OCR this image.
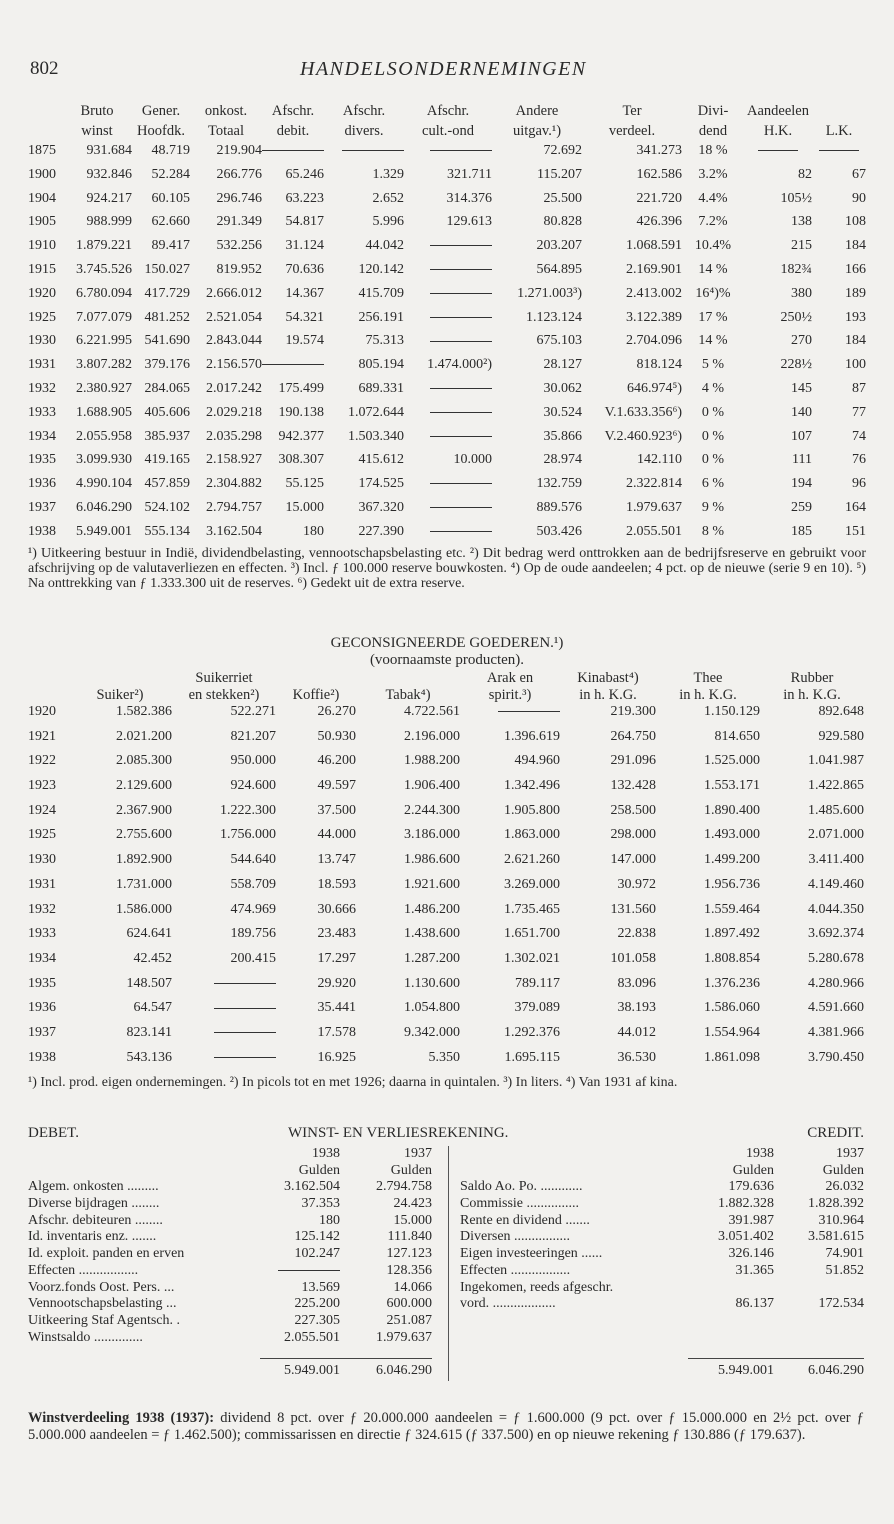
802	HANDELSONDERNEMINGEN
	Bruto	Gener.	onkost.	Afschr.	Afschr.	Afschr.	Andere	Ter	Divi-	Aandeelen	
	winst	Hoofdk.	Totaal	debit.	divers.	cult.-ond	uitgav.¹)	verdeel.	dend	H.K.	L.K.
1875	931.684	48.719	219.904				72.692	341.273	18 %		
1900	932.846	52.284	266.776	65.246	1.329	321.711	115.207	162.586	3.2%	82	67
1904	924.217	60.105	296.746	63.223	2.652	314.376	25.500	221.720	4.4%	105½	90
1905	988.999	62.660	291.349	54.817	5.996	129.613	80.828	426.396	7.2%	138	108
1910	1.879.221	89.417	532.256	31.124	44.042		203.207	1.068.591	10.4%	215	184
1915	3.745.526	150.027	819.952	70.636	120.142		564.895	2.169.901	14 %	182¾	166
1920	6.780.094	417.729	2.666.012	14.367	415.709		1.271.003³)	2.413.002	16⁴)%	380	189
1925	7.077.079	481.252	2.521.054	54.321	256.191		1.123.124	3.122.389	17 %	250½	193
1930	6.221.995	541.690	2.843.044	19.574	75.313		675.103	2.704.096	14 %	270	184
1931	3.807.282	379.176	2.156.570		805.194	1.474.000²)	28.127	818.124	5 %	228½	100
1932	2.380.927	284.065	2.017.242	175.499	689.331		30.062	646.974⁵)	4 %	145	87
1933	1.688.905	405.606	2.029.218	190.138	1.072.644		30.524	V.1.633.356⁶)	0 %	140	77
1934	2.055.958	385.937	2.035.298	942.377	1.503.340		35.866	V.2.460.923⁶)	0 %	107	74
1935	3.099.930	419.165	2.158.927	308.307	415.612	10.000	28.974	142.110	0 %	111	76
1936	4.990.104	457.859	2.304.882	55.125	174.525		132.759	2.322.814	6 %	194	96
1937	6.046.290	524.102	2.794.757	15.000	367.320		889.576	1.979.637	9 %	259	164
1938	5.949.001	555.134	3.162.504	180	227.390		503.426	2.055.501	8 %	185	151

¹) Uitkeering bestuur in Indië, dividendbelasting, vennootschapsbelasting etc. ²) Dit bedrag werd onttrokken aan de bedrijfsreserve en gebruikt voor afschrijving op de valutaverliezen en effecten. ³) Incl. ƒ 100.000 reserve bouwkosten. ⁴) Op de oude aandeelen; 4 pct. op de nieuwe (serie 9 en 10). ⁵) Na onttrekking van ƒ 1.333.300 uit de reserves. ⁶) Gedekt uit de extra reserve.

GECONSIGNEERDE GOEDEREN.¹)
(voornaamste producten).
		Suikerriet			Arak en	Kinabast⁴)	Thee	Rubber
	Suiker²)	en stekken²)	Koffie²)	Tabak⁴)	spirit.³)	in h. K.G.	in h. K.G.	in h. K.G.
1920	1.582.386	522.271	26.270	4.722.561		219.300	1.150.129	892.648
1921	2.021.200	821.207	50.930	2.196.000	1.396.619	264.750	814.650	929.580
1922	2.085.300	950.000	46.200	1.988.200	494.960	291.096	1.525.000	1.041.987
1923	2.129.600	924.600	49.597	1.906.400	1.342.496	132.428	1.553.171	1.422.865
1924	2.367.900	1.222.300	37.500	2.244.300	1.905.800	258.500	1.890.400	1.485.600
1925	2.755.600	1.756.000	44.000	3.186.000	1.863.000	298.000	1.493.000	2.071.000
1930	1.892.900	544.640	13.747	1.986.600	2.621.260	147.000	1.499.200	3.411.400
1931	1.731.000	558.709	18.593	1.921.600	3.269.000	30.972	1.956.736	4.149.460
1932	1.586.000	474.969	30.666	1.486.200	1.735.465	131.560	1.559.464	4.044.350
1933	624.641	189.756	23.483	1.438.600	1.651.700	22.838	1.897.492	3.692.374
1934	42.452	200.415	17.297	1.287.200	1.302.021	101.058	1.808.854	5.280.678
1935	148.507		29.920	1.130.600	789.117	83.096	1.376.236	4.280.966
1936	64.547		35.441	1.054.800	379.089	38.193	1.586.060	4.591.660
1937	823.141		17.578	9.342.000	1.292.376	44.012	1.554.964	4.381.966
1938	543.136		16.925	5.350	1.695.115	36.530	1.861.098	3.790.450

¹) Incl. prod. eigen ondernemingen. ²) In picols tot en met 1926; daarna in quintalen. ³) In liters. ⁴) Van 1931 af kina.

DEBET.	WINST- EN VERLIESREKENING.	CREDIT.
	1938	1937			1938	1937
	Gulden	Gulden			Gulden	Gulden
Algem. onkosten .........	3.162.504	2.794.758		Saldo Ao. Po. ............	179.636	26.032
Diverse bijdragen ........	37.353	24.423		Commissie ...............	1.882.328	1.828.392
Afschr. debiteuren ........	180	15.000		Rente en dividend .......	391.987	310.964
Id. inventaris enz. .......	125.142	111.840		Diversen ................	3.051.402	3.581.615
Id. exploit. panden en erven	102.247	127.123		Eigen investeeringen ......	326.146	74.901
Effecten .................		128.356		Effecten .................	31.365	51.852
Voorz.fonds Oost. Pers. ...	13.569	14.066		Ingekomen, reeds afgeschr.		
Vennootschapsbelasting ...	225.200	600.000		vord. ..................	86.137	172.534
Uitkeering Staf Agentsch. .	227.305	251.087				
Winstsaldo ..............	2.055.501	1.979.637				

	5.949.001	6.046.290			5.949.001	6.046.290
Winstverdeeling 1938 (1937): dividend 8 pct. over ƒ 20.000.000 aandeelen = ƒ 1.600.000 (9 pct. over ƒ 15.000.000 en 2½ pct. over ƒ 5.000.000 aandeelen = ƒ 1.462.500); commissarissen en directie ƒ 324.615 (ƒ 337.500) en op nieuwe rekening ƒ 130.886 (ƒ 179.637).
